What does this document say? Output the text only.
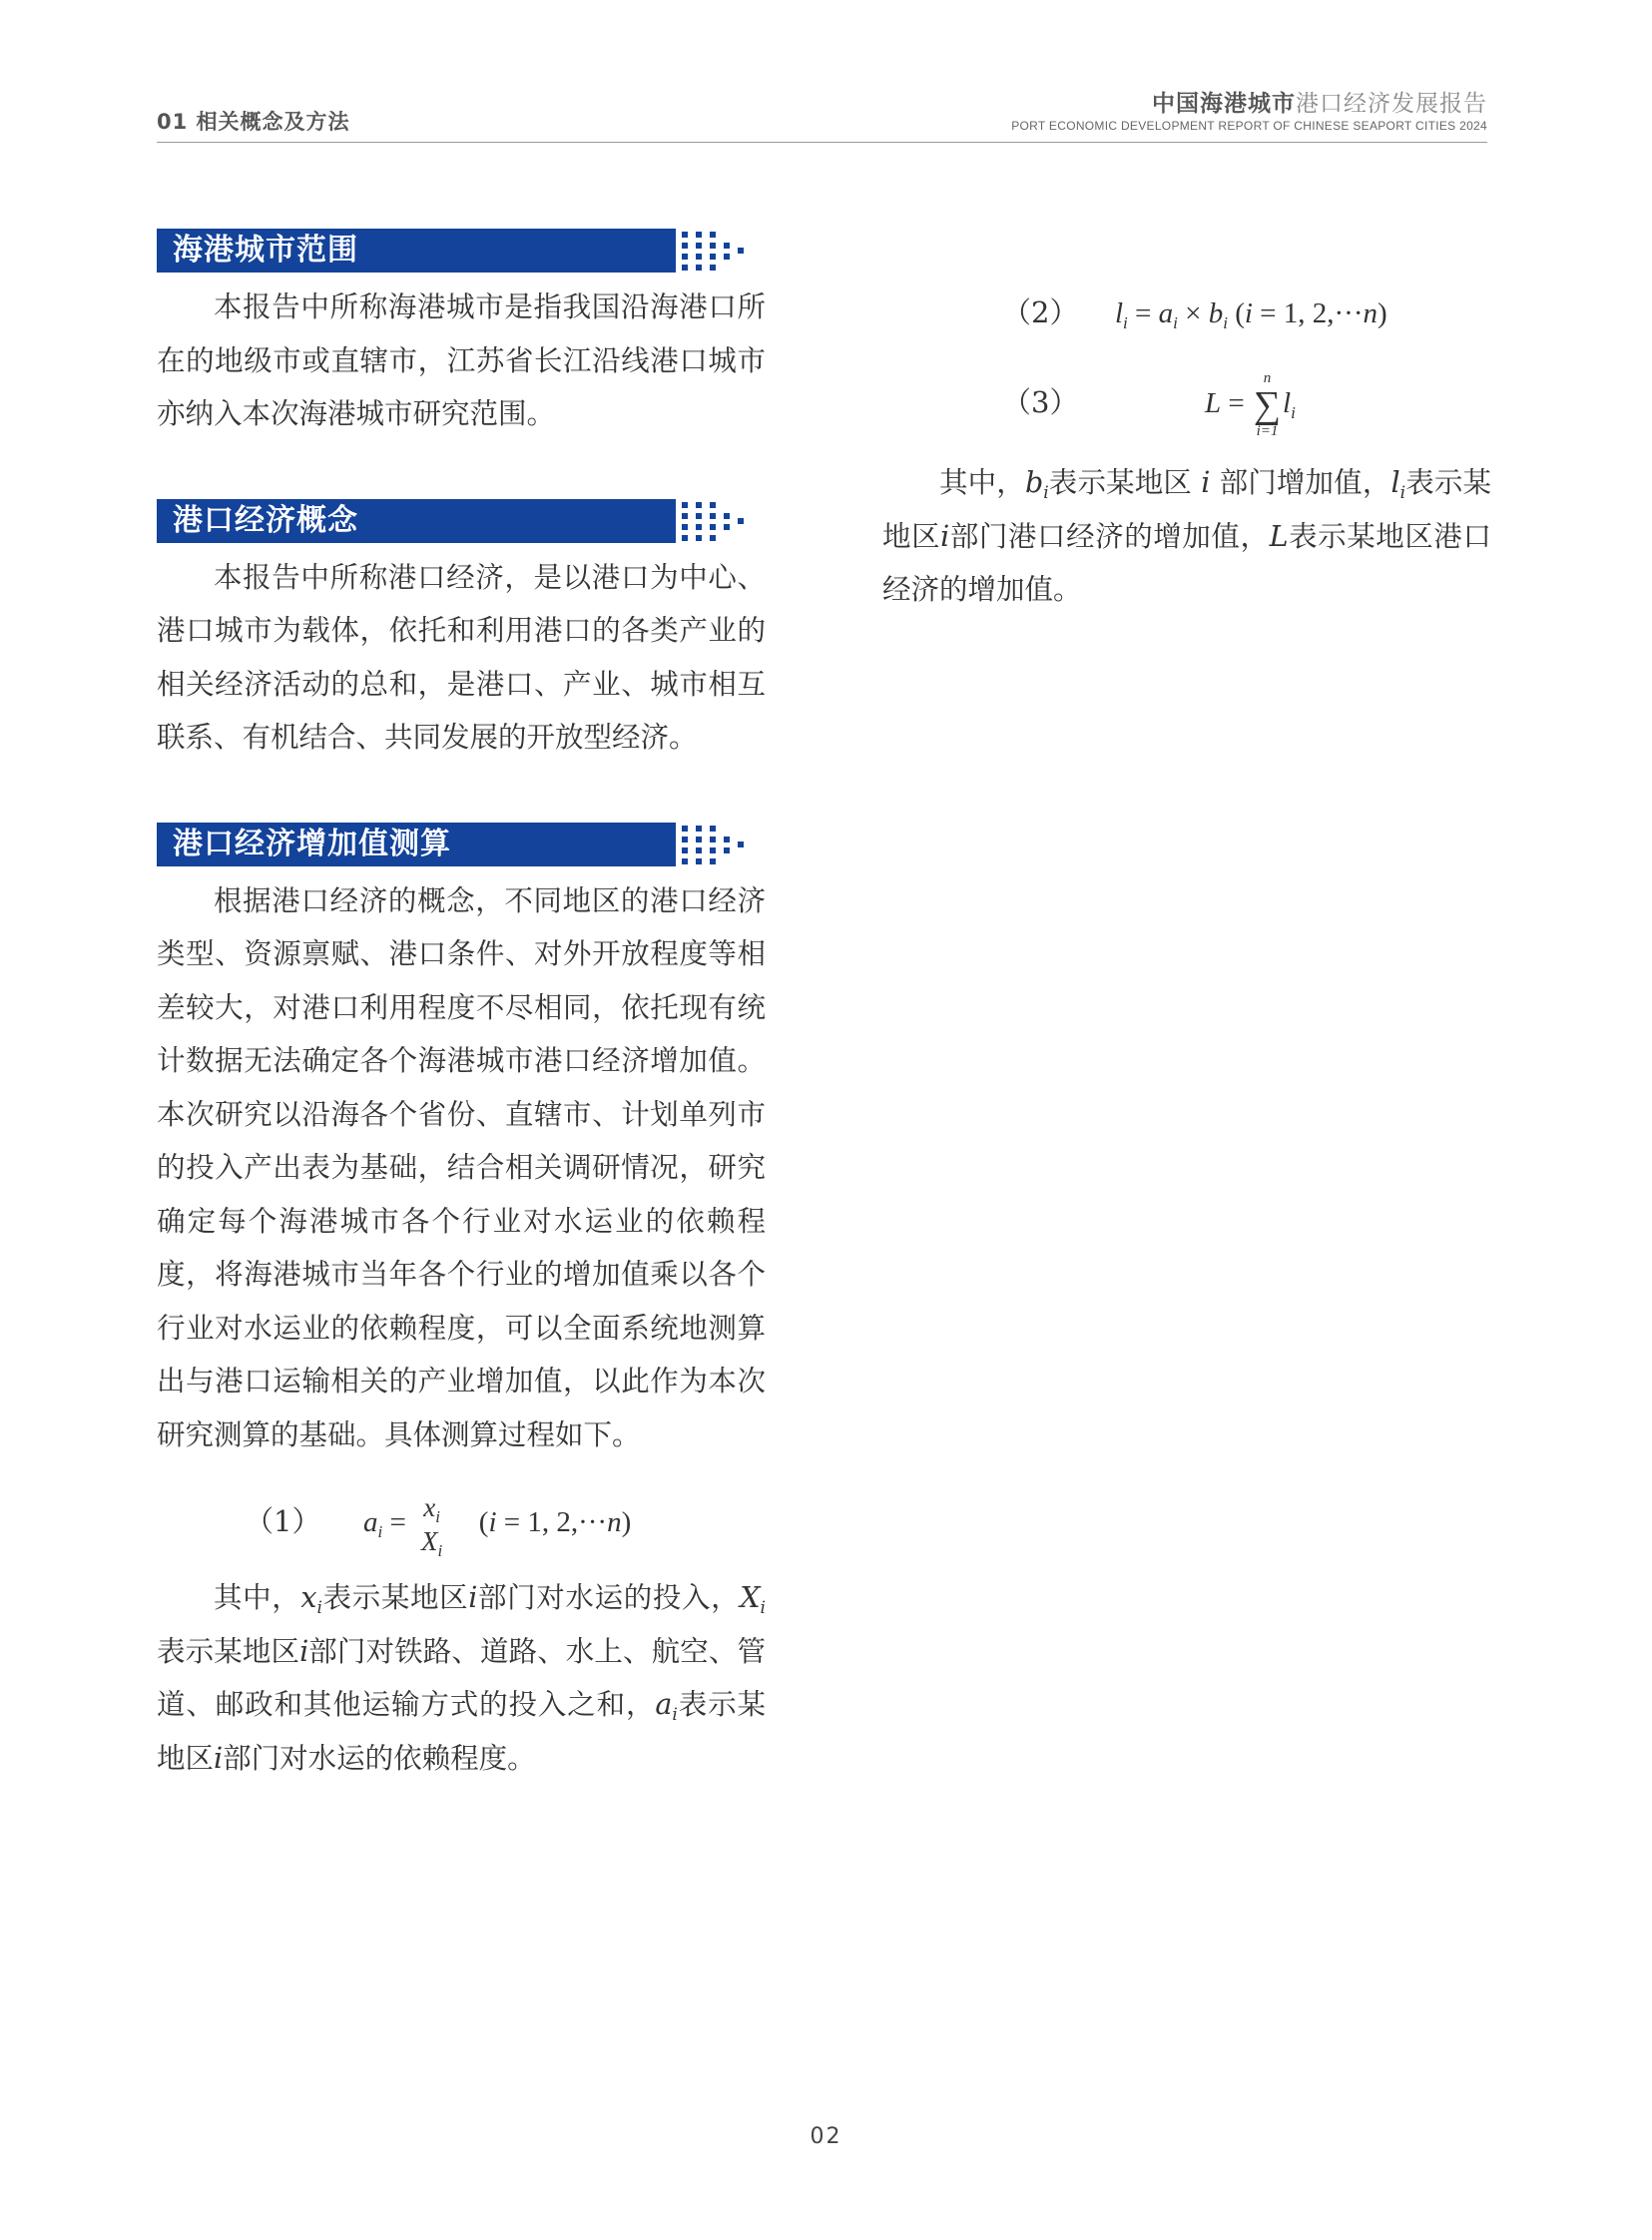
01 相关概念及方法
中国海港城市港口经济发展报告
PORT ECONOMIC DEVELOPMENT REPORT OF CHINESE SEAPORT CITIES 2024
海港城市范围

本报告中所称海港城市是指我国沿海港口所在的地级市或直辖市，江苏省长江沿线港口城市亦纳入本次海港城市研究范围。

港口经济概念

本报告中所称港口经济，是以港口为中心、港口城市为载体，依托和利用港口的各类产业的相关经济活动的总和，是港口、产业、城市相互联系、有机结合、共同发展的开放型经济。

港口经济增加值测算

根据港口经济的概念，不同地区的港口经济类型、资源禀赋、港口条件、对外开放程度等相差较大，对港口利用程度不尽相同，依托现有统计数据无法确定各个海港城市港口经济增加值。本次研究以沿海各个省份、直辖市、计划单列市的投入产出表为基础，结合相关调研情况，研究确定每个海港城市各个行业对水运业的依赖程度，将海港城市当年各个行业的增加值乘以各个行业对水运业的依赖程度，可以全面系统地测算出与港口运输相关的产业增加值，以此作为本次研究测算的基础。具体测算过程如下。

（1） $a_i = x_i$
$X_i$
(i = 1, 2,···n)

其中，$x_i$表示某地区i部门对水运的投入，$X_i$表示某地区i部门对铁路、道路、水上、航空、管道、邮政和其他运输方式的投入之和，$a_i$表示某地区i部门对水运的依赖程度。

（2） $l_i = a_i \times b_i$ (i = 1, 2,···n)
（3）	L =
n
∑
i=1
$l_i$

其中，$b_i$表示某地区 i 部门增加值，$l_i$表示某地区i部门港口经济的增加值，L表示某地区港口经济的增加值。

02
